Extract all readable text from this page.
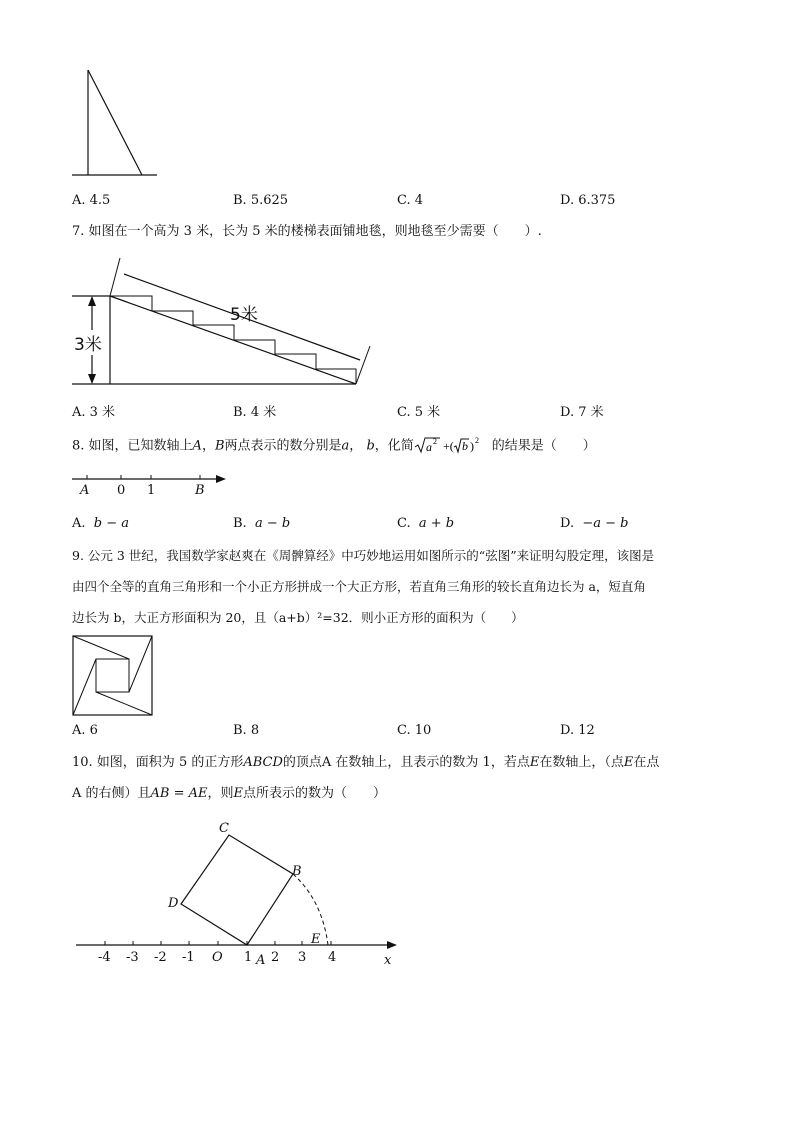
A. 4.5	B. 5.625	C. 4	D. 6.375
7. 如图在一个高为 3 米，长为 5 米的楼梯表面铺地毯，则地毯至少需要（　　）.
5米
3米
A. 3 米	B. 4 米	C. 5 米	D. 7 米
8. 如图，已知数轴上A，B两点表示的数分别是a， b，化简 a 2 +( b ) 2 的结果是（　　）
A 0 1	B
A. b − a	B. a − b	C. a + b	D. −a − b
9. 公元 3 世纪，我国数学家赵爽在《周髀算经》中巧妙地运用如图所示的“弦图”来证明勾股定理，该图是
由四个全等的直角三角形和一个小正方形拼成一个大正方形，若直角三角形的较长直角边长为 a，短直角
边长为 b，大正方形面积为 20，且（a+b）²=32．则小正方形的面积为（　　）
A. 6	B. 8	C. 10	D. 12
10. 如图，面积为 5 的正方形ABCD的顶点A 在数轴上，且表示的数为 1，若点E在数轴上，（点E在点
A 的右侧）且AB = AE，则E点所表示的数为（　　）
C
B
D
A
E
-4 -3 -2 -1 O 1 2 3 4	x
